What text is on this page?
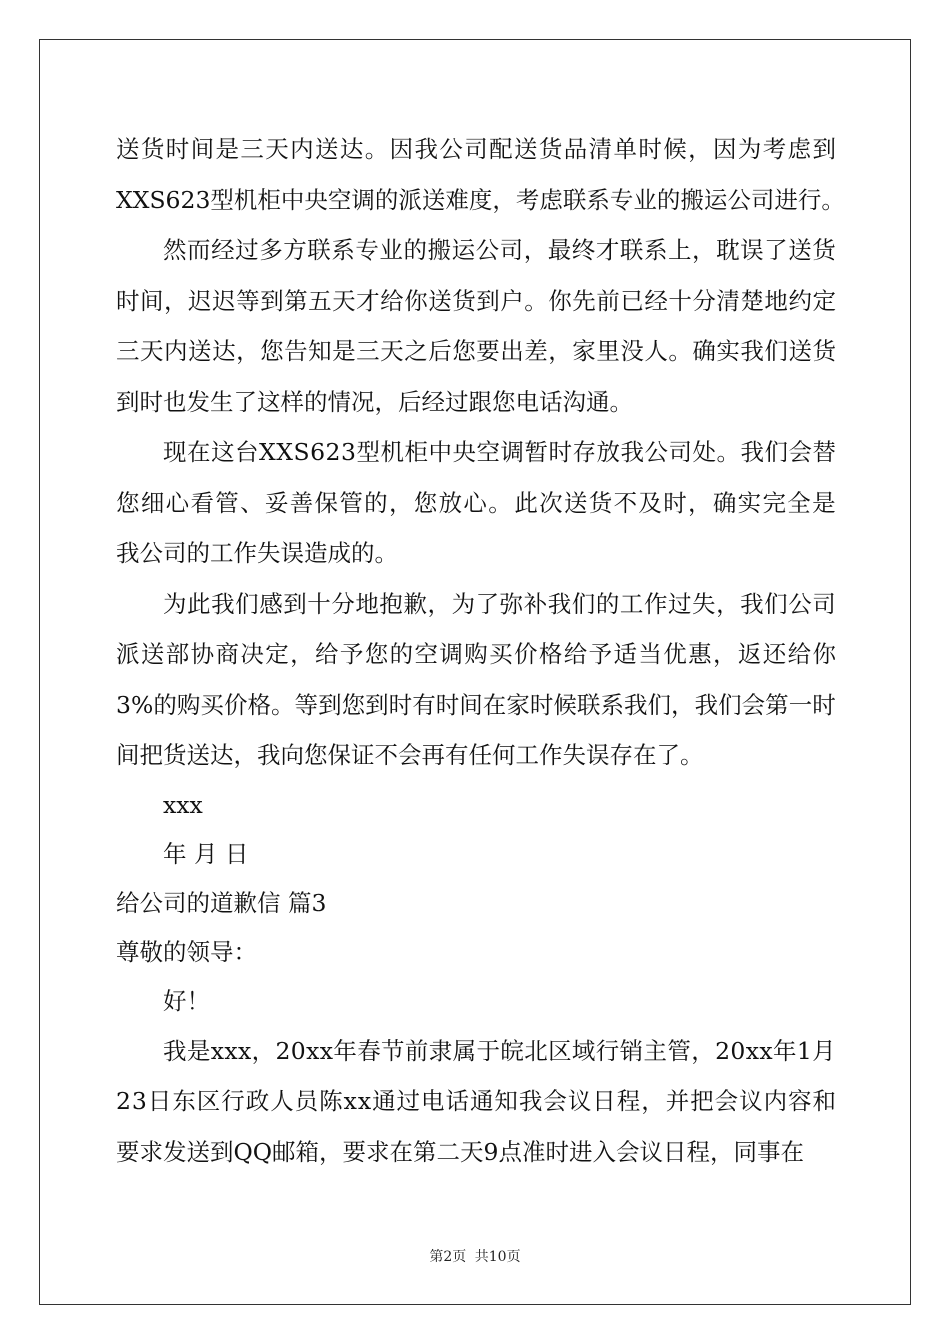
送 货 时 间 是 三 天 内 送 达 。 因 我 公 司 配 送 货 品 清 单 时 候 ， 因 为 考 虑 到
XXS623型机柜中央空调的派送难度，考虑联系专业的搬运公司进行。
然 而 经 过 多 方 联 系 专 业 的 搬 运 公 司 ， 最 终 才 联 系 上 ， 耽 误 了 送 货
时 间 ， 迟 迟 等 到 第 五 天 才 给 你 送 货 到 户 。 你 先 前 已 经 十 分 清 楚 地 约 定
三 天 内 送 达 ， 您 告 知 是 三 天 之 后 您 要 出 差 ， 家 里 没 人 。 确 实 我 们 送 货
到时也发生了这样的情况，后经过跟您电话沟通。
现 在 这 台 X X S 6 2 3 型 机 柜 中 央 空 调 暂 时 存 放 我 公 司 处 。 我 们 会 替
您 细 心 看 管 、 妥 善 保 管 的 ， 您 放 心 。 此 次 送 货 不 及 时 ， 确 实 完 全 是
我公司的工作失误造成的。
为 此 我 们 感 到 十 分 地 抱 歉 ， 为 了 弥 补 我 们 的 工 作 过 失 ， 我 们 公 司
派 送 部 协 商 决 定 ， 给 予 您 的 空 调 购 买 价 格 给 予 适 当 优 惠 ， 返 还 给 你
3 % 的 购 买 价 格 。 等 到 您 到 时 有 时 间 在 家 时 候 联 系 我 们 ， 我 们 会 第 一 时
间把货送达，我向您保证不会再有任何工作失误存在了。
xxx
年 月 日
给公司的道歉信 篇3
尊敬的领导：
好！
我 是 x x x ， 2 0 x x 年 春 节 前 隶 属 于 皖 北 区 域 行 销 主 管 ， 2 0 x x 年 1 月
2 3 日 东 区 行 政 人 员 陈 x x 通 过 电 话 通 知 我 会 议 日 程 ， 并 把 会 议 内 容 和
要求发送到QQ邮箱，要求在第二天9点准时进入会议日程，同事在
第2页 共10页
